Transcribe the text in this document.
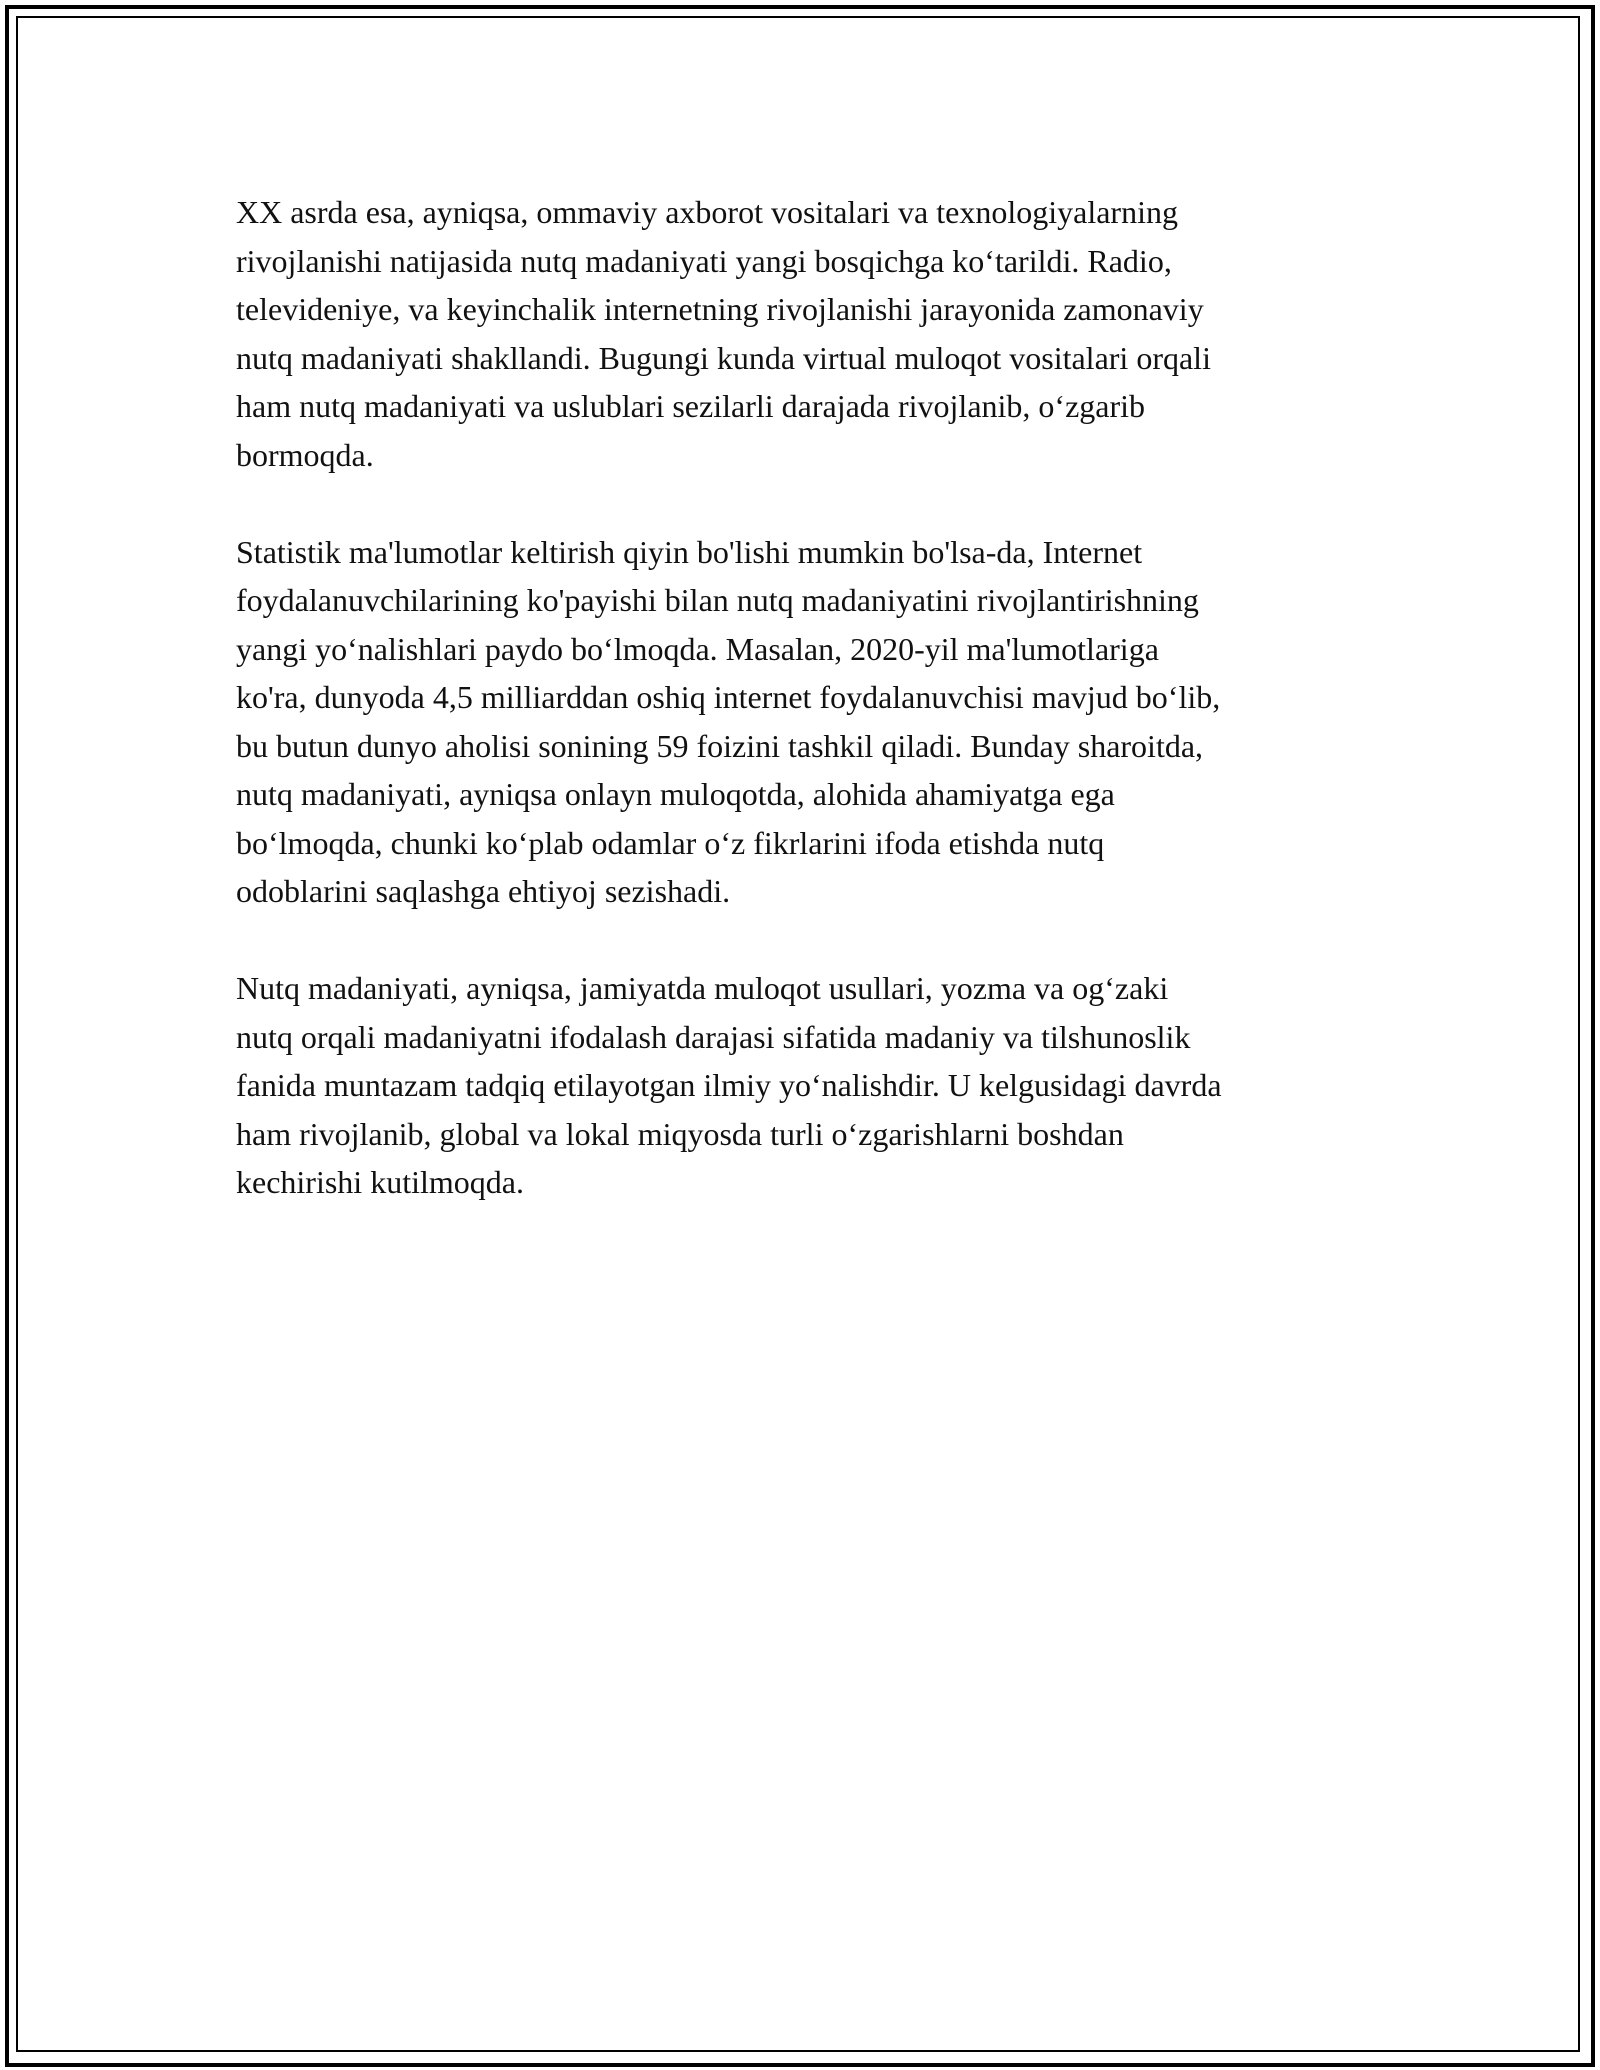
XX asrda esa, ayniqsa, ommaviy axborot vositalari va texnologiyalarning
rivojlanishi natijasida nutq madaniyati yangi bosqichga ko‘tarildi. Radio,
televideniye, va keyinchalik internetning rivojlanishi jarayonida zamonaviy
nutq madaniyati shakllandi. Bugungi kunda virtual muloqot vositalari orqali
ham nutq madaniyati va uslublari sezilarli darajada rivojlanib, o‘zgarib
bormoqda.

Statistik ma'lumotlar keltirish qiyin bo'lishi mumkin bo'lsa-da, Internet
foydalanuvchilarining ko'payishi bilan nutq madaniyatini rivojlantirishning
yangi yo‘nalishlari paydo bo‘lmoqda. Masalan, 2020-yil ma'lumotlariga
ko'ra, dunyoda 4,5 milliarddan oshiq internet foydalanuvchisi mavjud bo‘lib,
bu butun dunyo aholisi sonining 59 foizini tashkil qiladi. Bunday sharoitda,
nutq madaniyati, ayniqsa onlayn muloqotda, alohida ahamiyatga ega
bo‘lmoqda, chunki ko‘plab odamlar o‘z fikrlarini ifoda etishda nutq
odoblarini saqlashga ehtiyoj sezishadi.

Nutq madaniyati, ayniqsa, jamiyatda muloqot usullari, yozma va og‘zaki
nutq orqali madaniyatni ifodalash darajasi sifatida madaniy va tilshunoslik
fanida muntazam tadqiq etilayotgan ilmiy yo‘nalishdir. U kelgusidagi davrda
ham rivojlanib, global va lokal miqyosda turli o‘zgarishlarni boshdan
kechirishi kutilmoqda.
